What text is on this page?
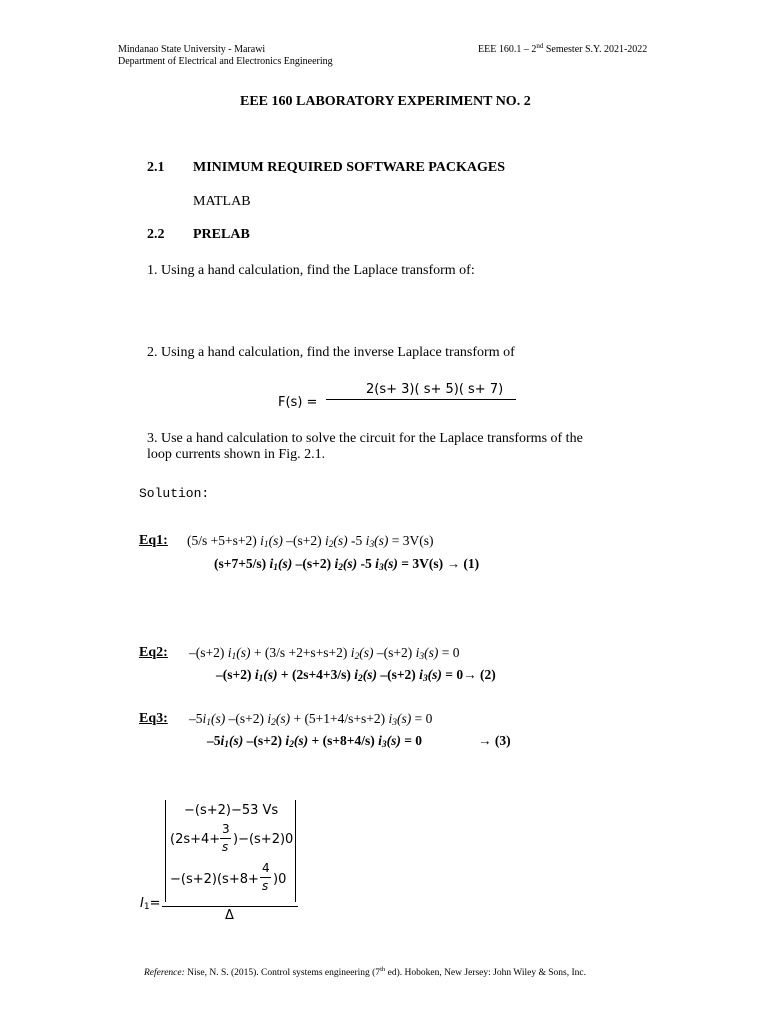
Mindanao State University - Marawi
Department of Electrical and Electronics Engineering
EEE 160.1 – 2nd Semester S.Y. 2021-2022
EEE 160 LABORATORY EXPERIMENT NO. 2
2.1 MINIMUM REQUIRED SOFTWARE PACKAGES
MATLAB
2.2 PRELAB
1. Using a hand calculation, find the Laplace transform of:
2. Using a hand calculation, find the inverse Laplace transform of
F(s) =
2(s+ 3)( s+ 5)( s+ 7)
3. Use a hand calculation to solve the circuit for the Laplace transforms of the
loop currents shown in Fig. 2.1.
Solution:
Eq1: (5/s +5+s+2) $i_1(s)$ –(s+2) $i_2(s)$ -5 $i_3(s) = 3V(s)$
(s+7+5/s) $i_1(s)$ –(s+2) $i_2(s)$ -5 $i_3(s) = 3V(s) \to (1)$
Eq2: –(s+2) $i_1(s) + (3/s +2+s+s+2)$ $i_2(s)$ –(s+2) $i_3(s) = 0$
–(s+2) $i_1(s) + (2s+4+3/s)$ $i_2(s)$ –(s+2) $i_3(s) = 0\to (2)$
Eq3: $-5i_1(s)$ –(s+2) $i_2(s) + (5+1+4/s+s+2) i_3(s) = 0$
$-5i_1(s)$ –(s+2) $i_2(s) + (s+8+4/s) i_3(s) = 0$	→ (3)
−(s+2)−53 Vs
(2s+4+
3
s )−(s+2)0
−(s+2)(s+8+
4
s )0
$I_1=$
Δ
Reference: Nise, N. S. (2015). Control systems engineering (7th ed). Hoboken, New Jersey: John Wiley & Sons, Inc.
